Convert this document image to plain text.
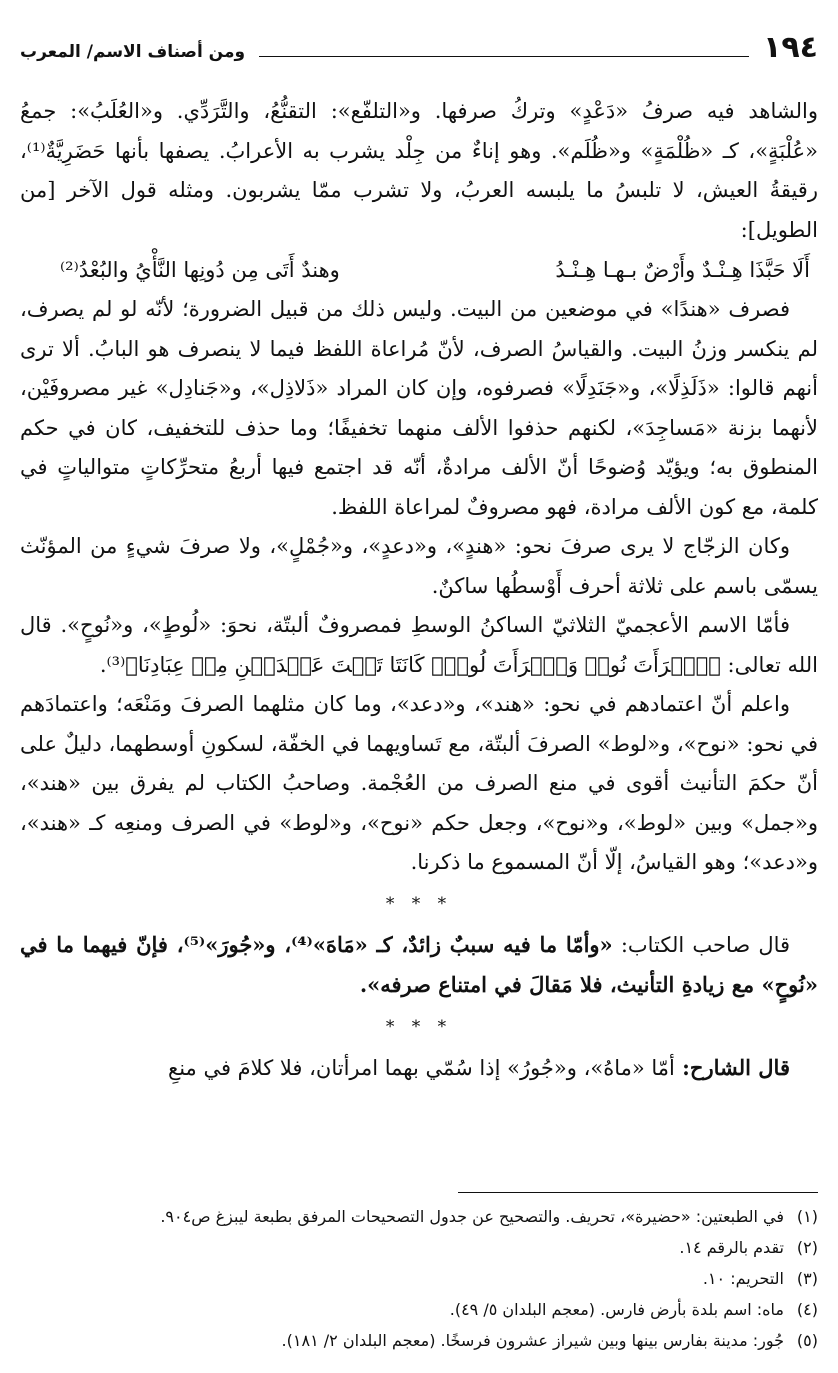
١٩٤
ومن أصناف الاسم/ المعرب

والشاهد فيه صرفُ «دَعْدٍ» وتركُ صرفها. و«التلفّع»: التقنُّعُ، والتَّرَدِّي. و«العُلَبُ»: جمعُ «عُلْبَةٍ»، كـ «ظُلْمَةٍ» و«ظُلَم». وهو إناءٌ من جِلْد يشرب به الأعرابُ. يصفها بأنها حَضَرِيَّةٌ⁽¹⁾، رقيقةُ العيش، لا تلبسُ ما يلبسه العربُ، ولا تشرب ممّا يشربون. ومثله قول الآخر [من الطويل]:

أَلَا حَبَّذَا هِـنْـدٌ وأَرْضٌ بـهـا هِـنْـدُ
وهندٌ أَتَى مِن دُونِها النَّأْيُ والبُعْدُ⁽²⁾

فصرف «هندًا» في موضعين من البيت. وليس ذلك من قبيل الضرورة؛ لأنّه لو لم يصرف، لم ينكسر وزنُ البيت. والقياسُ الصرف، لأنّ مُراعاة اللفظ فيما لا ينصرف هو البابُ. ألا ترى أنهم قالوا: «ذَلَذِلًا»، و«جَنَدِلًا» فصرفوه، وإن كان المراد «ذَلاذِل»، و«جَنادِل» غير مصروفَيْن، لأنهما بزنة «مَساجِدَ»، لكنهم حذفوا الألف منهما تخفيفًا؛ وما حذف للتخفيف، كان في حكم المنطوق به؛ ويؤيّد وُضوحًا أنّ الألف مرادةٌ، أنّه قد اجتمع فيها أربعُ متحرِّكاتٍ متوالياتٍ في كلمة، مع كون الألف مرادة، فهو مصروفٌ لمراعاة اللفظ.

وكان الزجّاج لا يرى صرفَ نحو: «هندٍ»، و«دعدٍ»، و«جُمْلٍ»، ولا صرفَ شيءٍ من المؤنّث يسمّى باسم على ثلاثة أحرف أَوْسطُها ساكنٌ.

فأمّا الاسم الأعجميّ الثلاثيّ الساكنُ الوسطِ فمصروفٌ ألبتّة، نحوَ: «لُوطٍ»، و«نُوحٍ». قال الله تعالى: ﴿ٱمۡرَأَتَ نُوحٖ وَٱمۡرَأَتَ لُوطٖۖ كَانَتَا تَحۡتَ عَبۡدَيۡنِ مِنۡ عِبَادِنَا﴾⁽³⁾.

واعلم أنّ اعتمادهم في نحو: «هند»، و«دعد»، وما كان مثلهما الصرفَ ومَنْعَه؛ واعتمادَهم في نحو: «نوح»، و«لوط» الصرفَ ألبتّة، مع تَساويهما في الخفّة، لسكونِ أوسطهما، دليلٌ على أنّ حكمَ التأنيث أقوى في منع الصرف من العُجْمة. وصاحبُ الكتاب لم يفرق بين «هند»، و«جمل» وبين «لوط»، و«نوح»، وجعل حكم «نوح»، و«لوط» في الصرف ومنعِه كـ «هند»، و«دعد»؛ وهو القياسُ، إلّا أنّ المسموع ما ذكرنا.

* * *

قال صاحب الكتاب: «وأمّا ما فيه سببٌ زائدٌ، كـ «مَاهَ»⁽⁴⁾، و«جُورَ»⁽⁵⁾، فإنّ فيهما ما في «نُوحٍ» مع زيادةِ التأنيث، فلا مَقالَ في امتناع صرفه».

* * *

قال الشارح: أمّا «ماهُ»، و«جُورُ» إذا سُمّي بهما امرأتان، فلا كلامَ في منعِ

(١)في الطبعتين: «حضيرة»، تحريف. والتصحيح عن جدول التصحيحات المرفق بطبعة ليبزغ ص٩٠٤.
(٢)تقدم بالرقم ١٤.
(٣)التحريم: ١٠.
(٤)ماه: اسم بلدة بأرض فارس. (معجم البلدان ٥/ ٤٩).
(٥)جُور: مدينة بفارس بينها وبين شيراز عشرون فرسخًا. (معجم البلدان ٢/ ١٨١).
